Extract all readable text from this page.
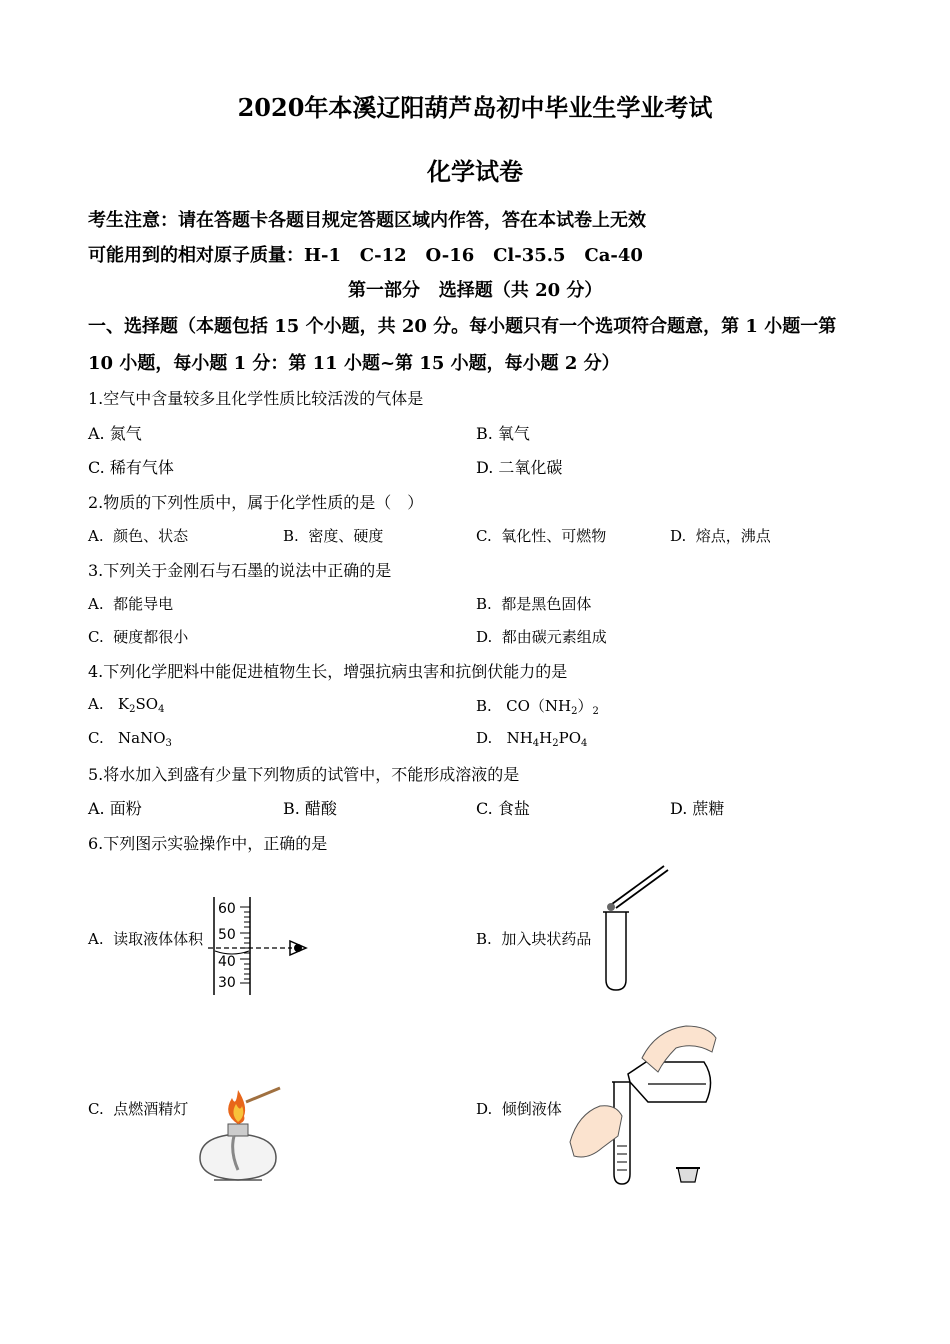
2020年本溪辽阳葫芦岛初中毕业生学业考试
化学试卷
考生注意：请在答题卡各题目规定答题区域内作答，答在本试卷上无效
可能用到的相对原子质量：H-1   C-12   O-16   Cl-35.5   Ca-40
第一部分   选择题（共 20 分）
一、选择题（本题包括 15 个小题，共 20 分。每小题只有一个选项符合题意，第 1 小题一第
10 小题，每小题 1 分：第 11 小题~第 15 小题，每小题 2 分）
1.空气中含量较多且化学性质比较活泼的气体是
A. 氮气	B. 氧气
C. 稀有气体	D. 二氧化碳
2.物质的下列性质中，属于化学性质的是（　）
A.  颜色、状态	B.  密度、硬度	C.  氧化性、可燃物	D.  熔点，沸点
3.下列关于金刚石与石墨的说法中正确的是
A.  都能导电	B.  都是黑色固体
C.  硬度都很小	D.  都由碳元素组成
4.下列化学肥料中能促进植物生长，增强抗病虫害和抗倒伏能力的是
A. $K_2SO_4$	B. $CO(NH_2)_2$
C. NaNO$_3$	D. $NH_4H_2PO_4$
5.将水加入到盛有少量下列物质的试管中，不能形成溶液的是
A. 面粉	B. 醋酸	C. 食盐	D. 蔗糖
6.下列图示实验操作中，正确的是
A.  读取液体体积	B.  加入块状药品
C.  点燃酒精灯	D.  倾倒液体
60
50
40
30
